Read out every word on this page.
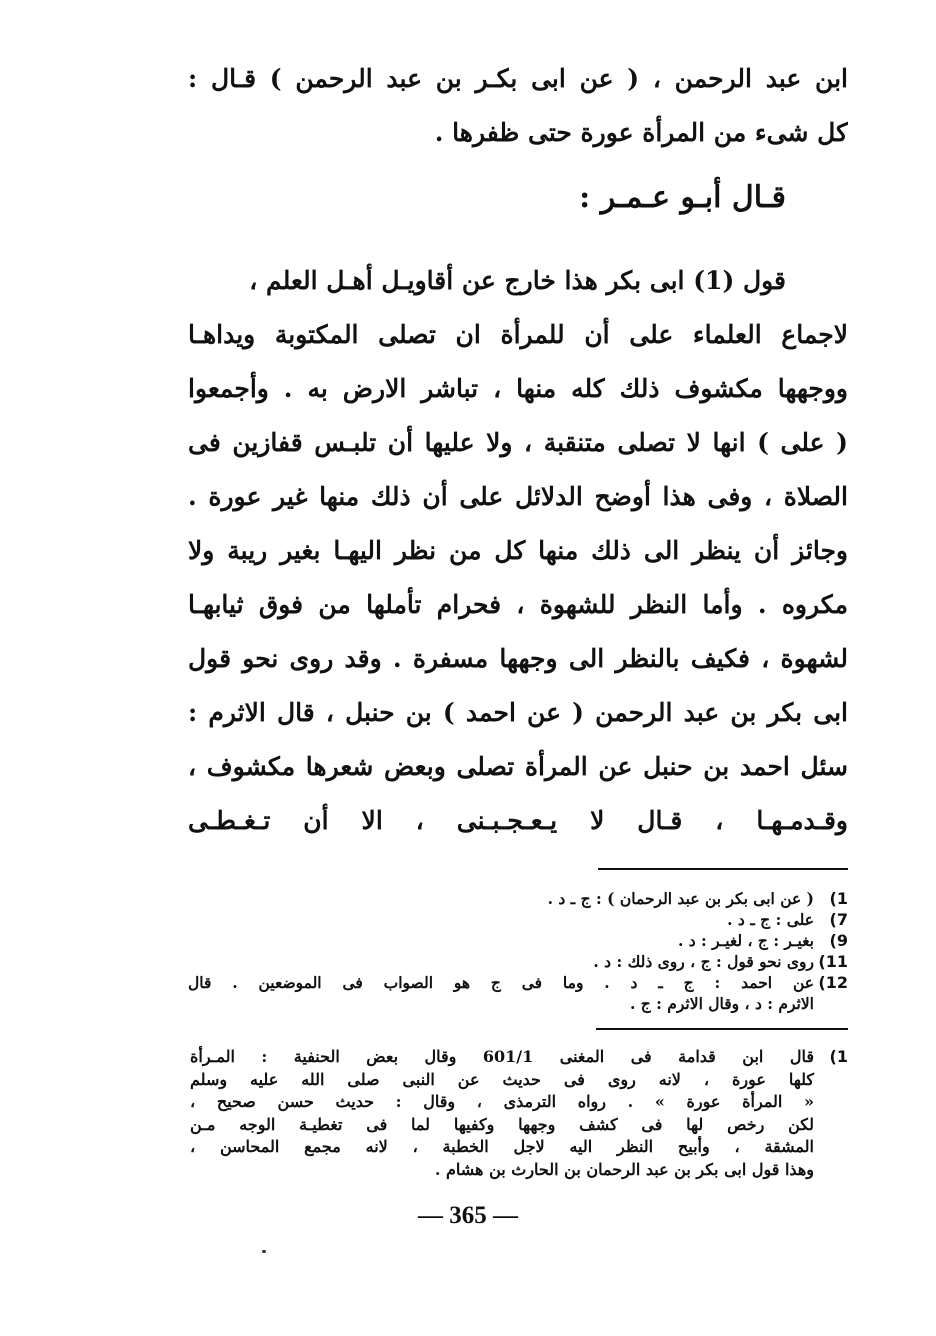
ابن عبد الرحمن ، ( عن ابى بكـر بن عبد الرحمن ) قـال :
كل شىء من المرأة عورة حتى ظفرها .
قـال أبـو عـمـر :
قول (1) ابى بكر هذا خارج عن أقاويـل أهـل العلم ،
لاجماع العلماء على أن للمرأة ان تصلى المكتوبة ويداهـا
ووجهها مكشوف ذلك كله منها ، تباشر الارض به . وأجمعوا
( على ) انها لا تصلى متنقبة ، ولا عليها أن تلبـس قفازين فى
الصلاة ، وفى هذا أوضح الدلائل على أن ذلك منها غير عورة .
وجائز أن ينظر الى ذلك منها كل من نظر اليهـا بغير ريبة ولا
مكروه . وأما النظر للشهوة ، فحرام تأملها من فوق ثيابهـا
لشهوة ، فكيف بالنظر الى وجهها مسفرة . وقد روى نحو قول
ابى بكر بن عبد الرحمن ( عن احمد ) بن حنبل ، قال الاثرم :
سئل احمد بن حنبل عن المرأة تصلى وبعض شعرها مكشوف ،
وقـدمـهـا ، قـال لا يـعـجـبـنى ، الا أن تـغـطـى
1)
( عن ابى بكر بن عبد الرحمان ) : ج ـ د .
7)
على : ج ـ د .
9)
بغيـر : ج ، لغيـر : د .
11)
روى نحو قول : ج ، روى ذلك : د .
12)
عن احمد : ج ـ د . وما فى ج هو الصواب فى الموضعين . قال
الاثرم : د ، وقال الاثرم : ج .
1)
قال ابن قدامة فى المغنى 601/1 وقال بعض الحنفية : المـرأة
كلها عورة ، لانه روى فى حديث عن النبى صلى الله عليه وسلم
« المرأة عورة » . رواه الترمذى ، وقال : حديث حسن صحيح ،
لكن رخص لها فى كشف وجهها وكفيها لما فى تغطيـة الوجه مـن
المشقة ، وأبيح النظر اليه لاجل الخطبة ، لانه مجمع المحاسن ،
وهذا قول ابى بكر بن عبد الرحمان بن الحارث بن هشام .
— 365 —
